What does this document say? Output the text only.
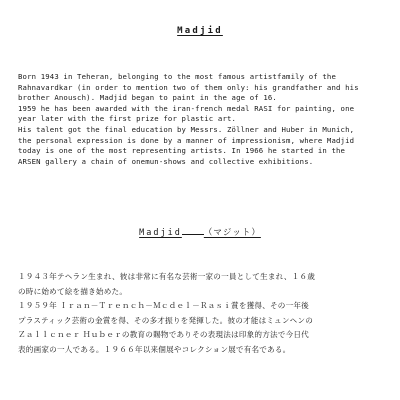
Madjid
Born 1943 in Teheran, belonging to the most famous artistfamily of the
Rahnavardkar (in order to mention two of them only: his grandfather and his
brother Anousch). Madjid began to paint in the age of 16.
1959 he has been awarded with the iran-french medal RASI for painting, one
year later with the first prize for plastic art.
His talent got the final education by Messrs. Zöllner and Huber in Munich,
the personal expression is done by a manner of impressionism, where Madjid
today is one of the most representing artists. In 1966 he started in the
ARSEN gallery a chain of onemun-shows and collective exhibitions.
Madjid	（マジット）
１９４３年テヘラン生まれ、彼は非常に有名な芸術一家の一員として生まれ、１６歳
の時に始めて絵を描き始めた。
１９５９年 Ｉｒａｎ－Ｔｒｅｎｃｈ－Ｍｃｄｅｌ－Ｒａｓｉ賞を獲得、その一年後
プラスティック芸術の金賞を得、その多才振りを発揮した。彼の才能はミュンヘンの
Ｚａｌｌｃｎｅｒ Ｈｕｂｅｒの教育の賜物でありその表現法は印象的方法で今日代
表的画家の一人である。１９６６年以来個展やコレクション展で有名である。
